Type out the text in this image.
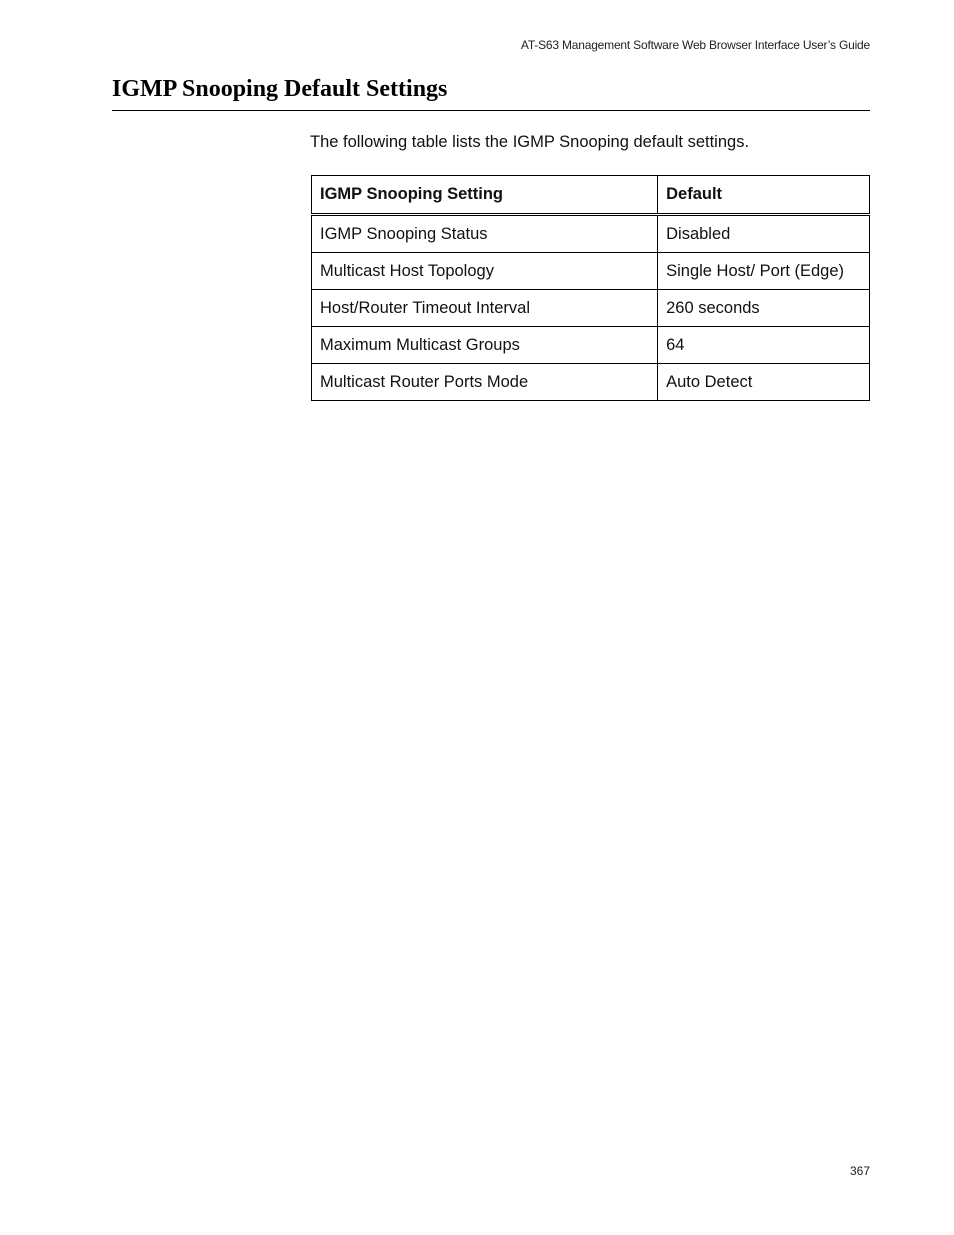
AT-S63 Management Software Web Browser Interface User’s Guide
IGMP Snooping Default Settings

The following table lists the IGMP Snooping default settings.

IGMP Snooping Setting	Default
IGMP Snooping Status	Disabled
Multicast Host Topology	Single Host/ Port (Edge)
Host/Router Timeout Interval	260 seconds
Maximum Multicast Groups	64
Multicast Router Ports Mode	Auto Detect
367
